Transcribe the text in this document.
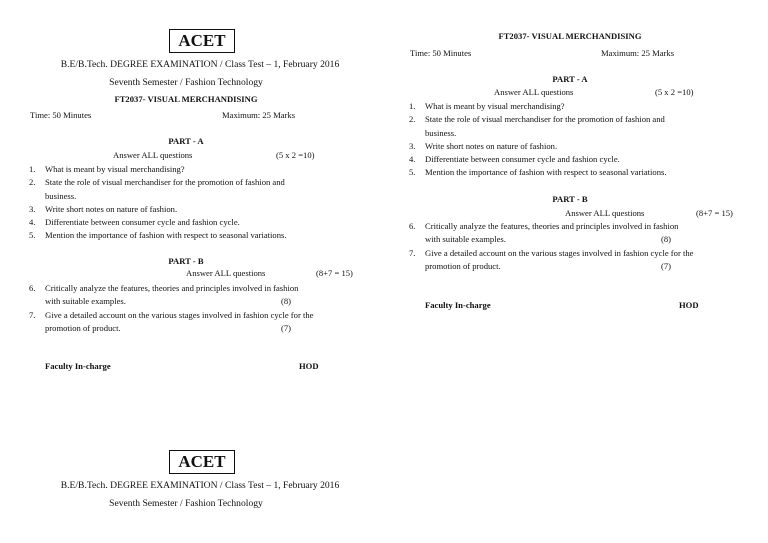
ACET
B.E/B.Tech. DEGREE EXAMINATION / Class Test – 1, February 2016
Seventh Semester / Fashion Technology
FT2037- VISUAL MERCHANDISING
Time: 50 Minutes	Maximum: 25 Marks
PART - A
Answer ALL questions	(5 x 2 =10)
1. What is meant by visual merchandising?
2. State the role of visual merchandiser for the promotion of fashion and
business.
3. Write short notes on nature of fashion.
4. Differentiate between consumer cycle and fashion cycle.
5. Mention the importance of fashion with respect to seasonal variations.
PART - B
Answer ALL questions	(8+7 = 15)
6. Critically analyze the features, theories and principles involved in fashion
with suitable examples.	(8)
7. Give a detailed account on the various stages involved in fashion cycle for the
promotion of product.	(7)
Faculty In-charge	HOD
FT2037- VISUAL MERCHANDISING
Time: 50 Minutes	Maximum: 25 Marks
PART - A
Answer ALL questions	(5 x 2 =10)
1. What is meant by visual merchandising?
2. State the role of visual merchandiser for the promotion of fashion and
business.
3. Write short notes on nature of fashion.
4. Differentiate between consumer cycle and fashion cycle.
5. Mention the importance of fashion with respect to seasonal variations.
PART - B
Answer ALL questions	(8+7 = 15)
6. Critically analyze the features, theories and principles involved in fashion
with suitable examples.	(8)
7. Give a detailed account on the various stages involved in fashion cycle for the
promotion of product.	(7)
Faculty In-charge	HOD
ACET
B.E/B.Tech. DEGREE EXAMINATION / Class Test – 1, February 2016
Seventh Semester / Fashion Technology
